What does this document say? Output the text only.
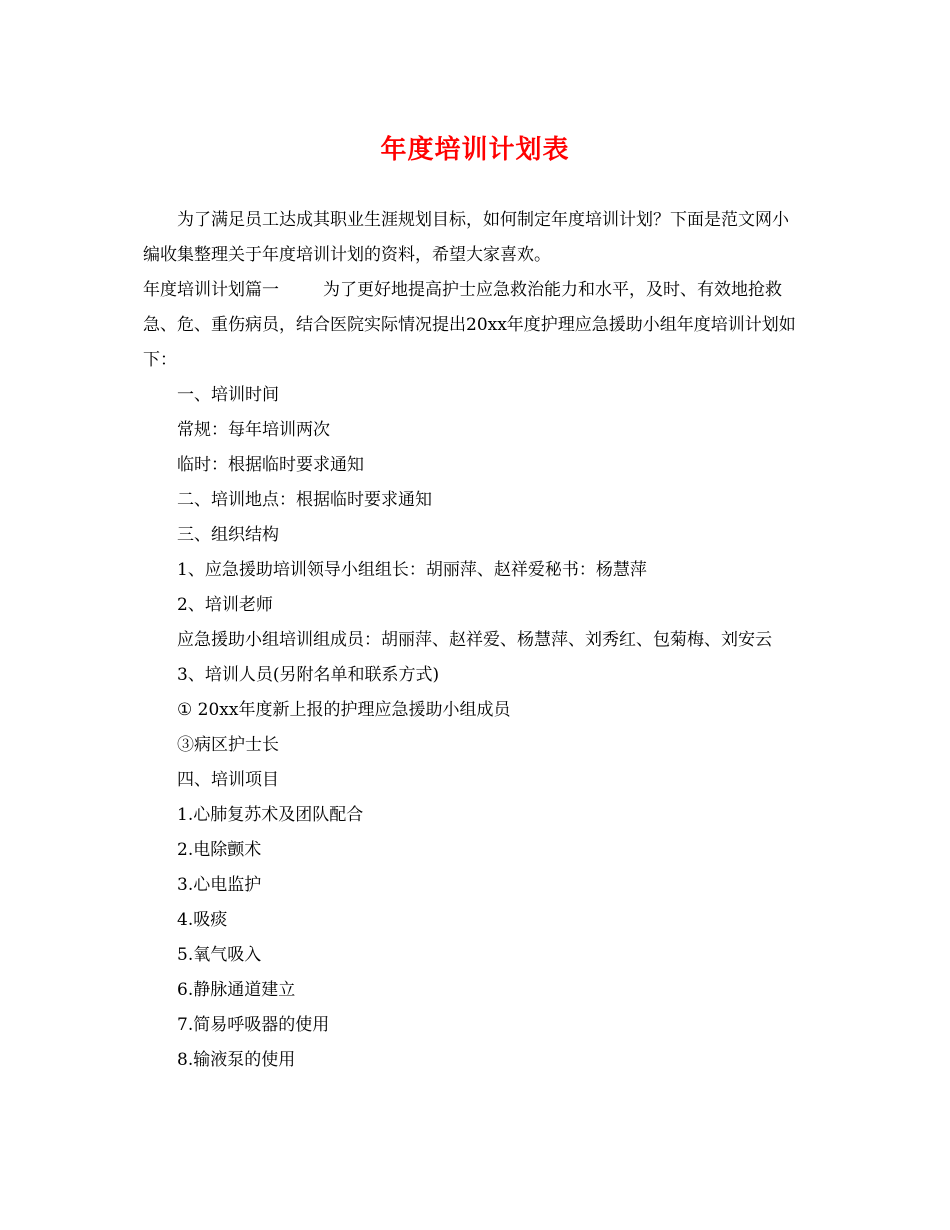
年度培训计划表

为了满足员工达成其职业生涯规划目标，如何制定年度培训计划？下面是范文网小编收集整理关于年度培训计划的资料，希望大家喜欢。

年度培训计划篇一	为了更好地提高护士应急救治能力和水平，及时、有效地抢救急、危、重伤病员，结合医院实际情况提出20xx年度护理应急援助小组年度培训计划如下：

一、培训时间

常规：每年培训两次

临时：根据临时要求通知

二、培训地点：根据临时要求通知

三、组织结构

1、应急援助培训领导小组组长：胡丽萍、赵祥爱秘书：杨慧萍

2、培训老师

应急援助小组培训组成员：胡丽萍、赵祥爱、杨慧萍、刘秀红、包菊梅、刘安云

3、培训人员(另附名单和联系方式)

① 20xx年度新上报的护理应急援助小组成员

③病区护士长

四、培训项目

1.心肺复苏术及团队配合

2.电除颤术

3.心电监护

4.吸痰

5.氧气吸入

6.静脉通道建立

7.简易呼吸器的使用

8.输液泵的使用
